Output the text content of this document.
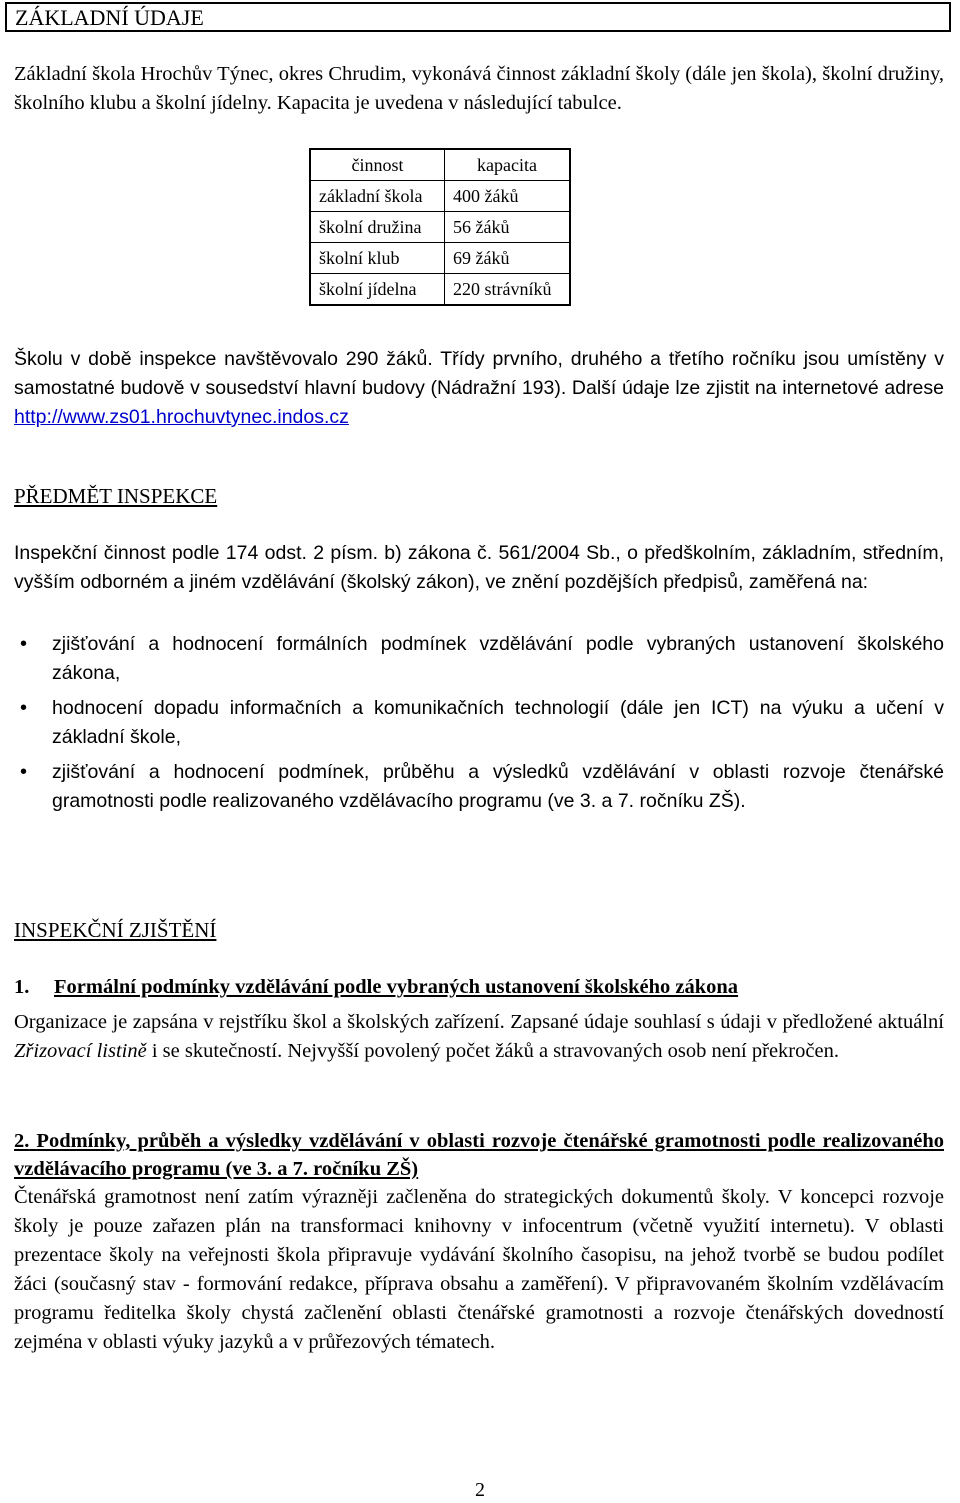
ZÁKLADNÍ ÚDAJE

Základní škola Hrochův Týnec, okres Chrudim, vykonává činnost základní školy (dále jen škola), školní družiny, školního klubu a školní jídelny. Kapacita je uvedena v následující tabulce.

činnost	kapacita
základní škola	400 žáků
školní družina	56 žáků
školní klub	69 žáků
školní jídelna	220 strávníků

Školu v době inspekce navštěvovalo 290 žáků. Třídy prvního, druhého a třetího ročníku jsou umístěny v samostatné budově v sousedství hlavní budovy (Nádražní 193). Další údaje lze zjistit na internetové adrese http://www.zs01.hrochuvtynec.indos.cz

PŘEDMĚT INSPEKCE

Inspekční činnost podle 174 odst. 2 písm. b) zákona č. 561/2004 Sb., o předškolním, základním, středním, vyšším odborném a jiném vzdělávání (školský zákon), ve znění pozdějších předpisů, zaměřená na:

• zjišťování a hodnocení formálních podmínek vzdělávání podle vybraných ustanovení školského zákona,
• hodnocení dopadu informačních a komunikačních technologií (dále jen ICT) na výuku a učení v základní škole,
• zjišťování a hodnocení podmínek, průběhu a výsledků vzdělávání v oblasti rozvoje čtenářské gramotnosti podle realizovaného vzdělávacího programu (ve 3. a 7. ročníku ZŠ).
INSPEKČNÍ ZJIŠTĚNÍ

1. Formální podmínky vzdělávání podle vybraných ustanovení školského zákona

Organizace je zapsána v rejstříku škol a školských zařízení. Zapsané údaje souhlasí s údaji v předložené aktuální Zřizovací listině i se skutečností. Nejvyšší povolený počet žáků a stravovaných osob není překročen.

2. Podmínky, průběh a výsledky vzdělávání v oblasti rozvoje čtenářské gramotnosti podle realizovaného vzdělávacího programu (ve 3. a 7. ročníku ZŠ)

Čtenářská gramotnost není zatím výrazněji začleněna do strategických dokumentů školy. V koncepci rozvoje školy je pouze zařazen plán na transformaci knihovny v infocentrum (včetně využití internetu). V oblasti prezentace školy na veřejnosti škola připravuje vydávání školního časopisu, na jehož tvorbě se budou podílet žáci (současný stav - formování redakce, příprava obsahu a zaměření). V připravovaném školním vzdělávacím programu ředitelka školy chystá začlenění oblasti čtenářské gramotnosti a rozvoje čtenářských dovedností zejména v oblasti výuky jazyků a v průřezových tématech.

2
